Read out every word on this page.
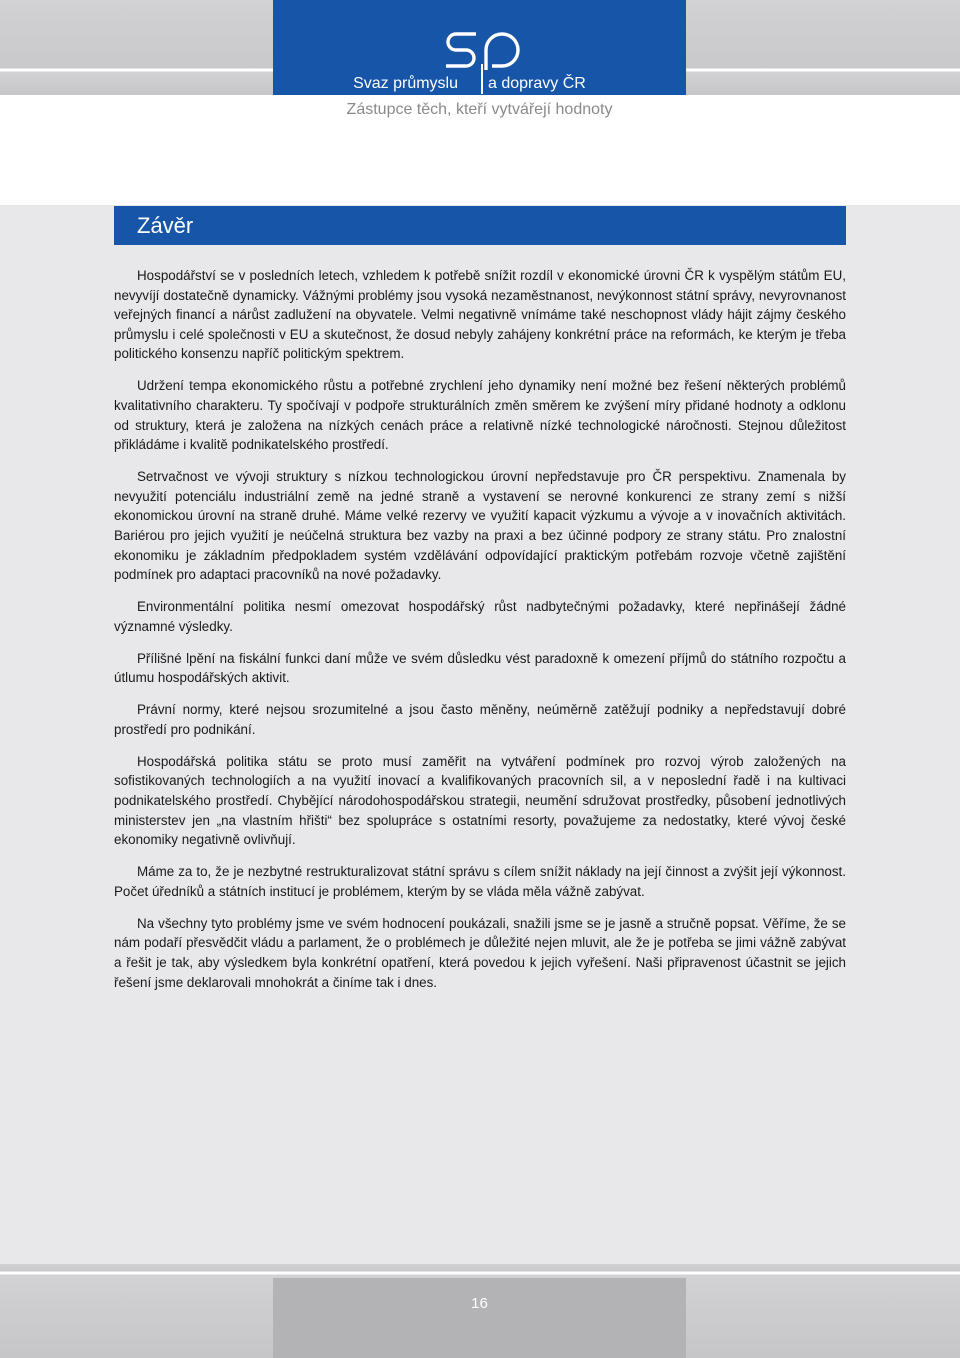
Svaz průmyslu a dopravy ČR
Zástupce těch, kteří vytvářejí hodnoty
Závěr

Hospodářství se v posledních letech, vzhledem k potřebě snížit rozdíl v ekonomické úrovni ČR k vyspělým státům EU, nevyvíjí dostatečně dynamicky. Vážnými problémy jsou vysoká nezaměstnanost, nevýkonnost státní správy, nevyrovnanost veřejných financí a nárůst zadlužení na obyvatele. Velmi negativně vnímáme také neschopnost vlády hájit zájmy českého průmyslu i celé společnosti v EU a skutečnost, že dosud nebyly zahájeny konkrétní práce na reformách, ke kterým je třeba politického konsenzu napříč politickým spektrem.

Udržení tempa ekonomického růstu a potřebné zrychlení jeho dynamiky není možné bez řešení některých problémů kvalitativního charakteru. Ty spočívají v podpoře strukturálních změn směrem ke zvýšení míry přidané hodnoty a odklonu od struktury, která je založena na nízkých cenách práce a relativně nízké technologické náročnosti. Stejnou důležitost přikládáme i kvalitě podnikatelského prostředí.

Setrvačnost ve vývoji struktury s nízkou technologickou úrovní nepředstavuje pro ČR perspektivu. Znamenala by nevyužití potenciálu industriální země na jedné straně a vystavení se nerovné konkurenci ze strany zemí s nižší ekonomickou úrovní na straně druhé. Máme velké rezervy ve využití kapacit výzkumu a vývoje a v inovačních aktivitách. Bariérou pro jejich využití je neúčelná struktura bez vazby na praxi a bez účinné podpory ze strany státu. Pro znalostní ekonomiku je základním předpokladem systém vzdělávání odpovídající praktickým potřebám rozvoje včetně zajištění podmínek pro adaptaci pracovníků na nové požadavky.

Environmentální politika nesmí omezovat hospodářský růst nadbytečnými požadavky, které nepřinášejí žádné významné výsledky.

Přílišné lpění na fiskální funkci daní může ve svém důsledku vést paradoxně k omezení příjmů do státního rozpočtu a útlumu hospodářských aktivit.

Právní normy, které nejsou srozumitelné a jsou často měněny, neúměrně zatěžují podniky a nepředstavují dobré prostředí pro podnikání.

Hospodářská politika státu se proto musí zaměřit na vytváření podmínek pro rozvoj výrob založených na sofistikovaných technologiích a na využití inovací a kvalifikovaných pracovních sil, a v neposlední řadě i na kultivaci podnikatelského prostředí. Chybějící národohospodářskou strategii, neumění sdružovat prostředky, působení jednotlivých ministerstev jen „na vlastním hřišti“ bez spolupráce s ostatními resorty, považujeme za nedostatky, které vývoj české ekonomiky negativně ovlivňují.

Máme za to, že je nezbytné restrukturalizovat státní správu s cílem snížit náklady na její činnost a zvýšit její výkonnost. Počet úředníků a státních institucí je problémem, kterým by se vláda měla vážně zabývat.

Na všechny tyto problémy jsme ve svém hodnocení poukázali, snažili jsme se je jasně a stručně popsat. Věříme, že se nám podaří přesvědčit vládu a parlament, že o problémech je důležité nejen mluvit, ale že je potřeba se jimi vážně zabývat a řešit je tak, aby výsledkem byla konkrétní opatření, která povedou k jejich vyřešení. Naši připravenost účastnit se jejich řešení jsme deklarovali mnohokrát a činíme tak i dnes.

16
